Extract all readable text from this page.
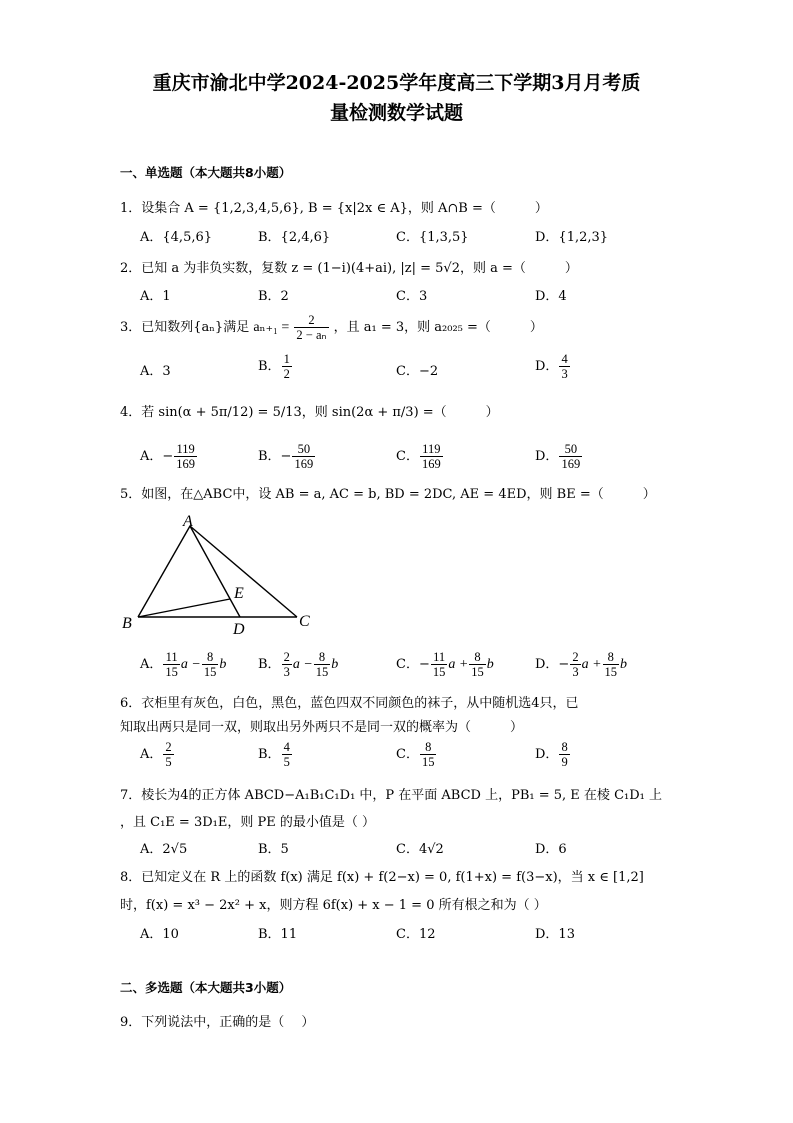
重庆市渝北中学2024-2025学年度高三下学期3月月考质
量检测数学试题
一、单选题（本大题共8小题）
1．设集合 A = {1,2,3,4,5,6}, B = {x|2x ∈ A}，则 A∩B =（　　　）
A．{4,5,6}	B．{2,4,6}	C．{1,3,5}	D．{1,2,3}
2．已知 a 为非负实数，复数 z = (1−i)(4+ai), |z| = 5√2，则 a =（　　　）
A．1	B．2	C．3	D．4
3．已知数列{aₙ}满足 $a_{n+1} = \frac{2}{\text{2 − aₙ}}$ ，且 a₁ = 3，则 a₂₀₂₅ =（　　　）
A．3	B． $\frac{1}{2}$	C．−2	D． $\frac{4}{3}$
4．若 sin(α + 5π/12) = 5/13，则 sin(2α + π/3) =（　　　）
A．− $\frac{119}{169}$	B．− $\frac{50}{169}$	C． $\frac{119}{169}$	D． $\frac{50}{169}$
5．如图，在△ABC中，设 AB = a, AC = b, BD = 2DC, AE = 4ED，则 BE =（　　　）
A
E
B	D	C
A． $\frac{11}{15}$ $a - \frac{8}{15}$ b B． $\frac{2}{3}$ $a - \frac{8}{15}$ b	C．− $\frac{11}{15}$ $a + \frac{8}{15}$ b	D．− $\frac{2}{3}$ $a + \frac{8}{15}$ b
6．衣柜里有灰色，白色，黑色，蓝色四双不同颜色的袜子，从中随机选4只，已
知取出两只是同一双，则取出另外两只不是同一双的概率为（　　　）
A． $\frac{2}{5}$	B． $\frac{4}{5}$	C． $\frac{8}{15}$	D． $\frac{8}{9}$
7．棱长为4的正方体 ABCD−A₁B₁C₁D₁ 中，P 在平面 ABCD 上，PB₁ = 5, E 在棱 C₁D₁ 上
，且 C₁E = 3D₁E，则 PE 的最小值是（ ）
A．2√5	B．5	C．4√2	D．6
8．已知定义在 R 上的函数 f(x) 满足 f(x) + f(2−x) = 0, f(1+x) = f(3−x)，当 x ∈ [1,2]
时，f(x) = x³ − 2x² + x，则方程 6f(x) + x − 1 = 0 所有根之和为（ ）
A．10	B．11	C．12	D．13
二、多选题（本大题共3小题）
9．下列说法中，正确的是（　 ）
